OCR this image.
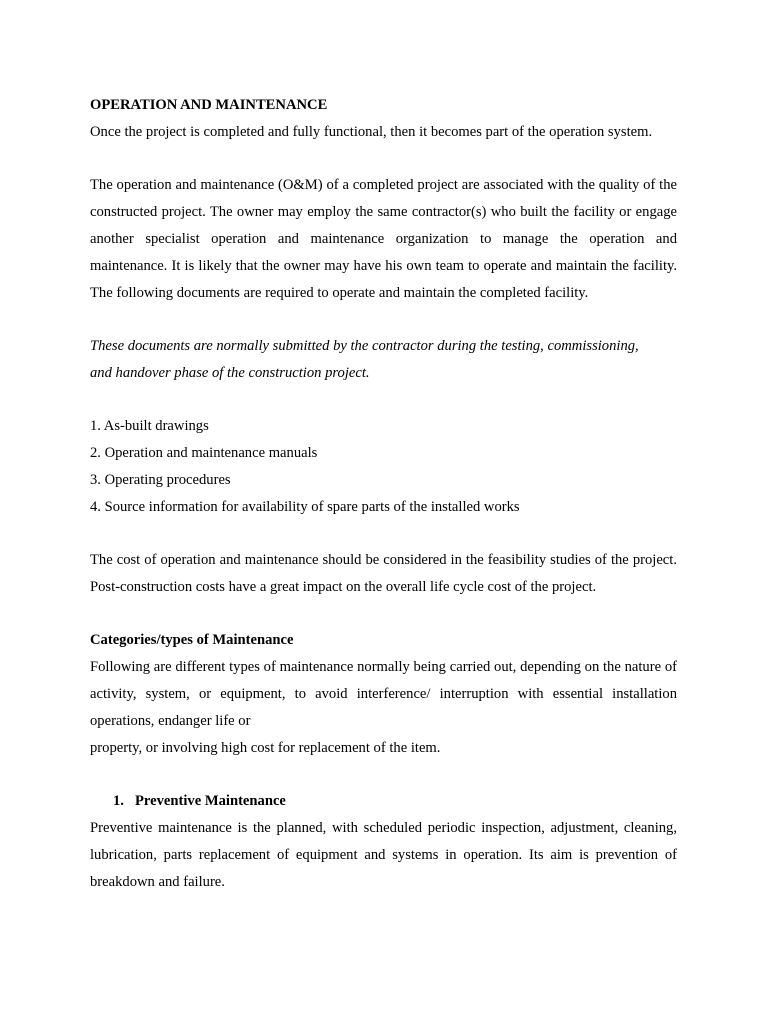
OPERATION AND MAINTENANCE
Once the project is completed and fully functional, then it becomes part of the operation system.
The operation and maintenance (O&M) of a completed project are associated with the quality of the constructed project. The owner may employ the same contractor(s) who built the facility or engage another specialist operation and maintenance organization to manage the operation and maintenance. It is likely that the owner may have his own team to operate and maintain the facility. The following documents are required to operate and maintain the completed facility.
These documents are normally submitted by the contractor during the testing, commissioning, and handover phase of the construction project.
1. As-built drawings
2. Operation and maintenance manuals
3. Operating procedures
4. Source information for availability of spare parts of the installed works
The cost of operation and maintenance should be considered in the feasibility studies of the project. Post-construction costs have a great impact on the overall life cycle cost of the project.
Categories/types of Maintenance
Following are different types of maintenance normally being carried out, depending on the nature of activity, system, or equipment, to avoid interference/ interruption with essential installation operations, endanger life or
property, or involving high cost for replacement of the item.
1. Preventive Maintenance
Preventive maintenance is the planned, with scheduled periodic inspection, adjustment, cleaning, lubrication, parts replacement of equipment and systems in operation. Its aim is prevention of breakdown and failure.
